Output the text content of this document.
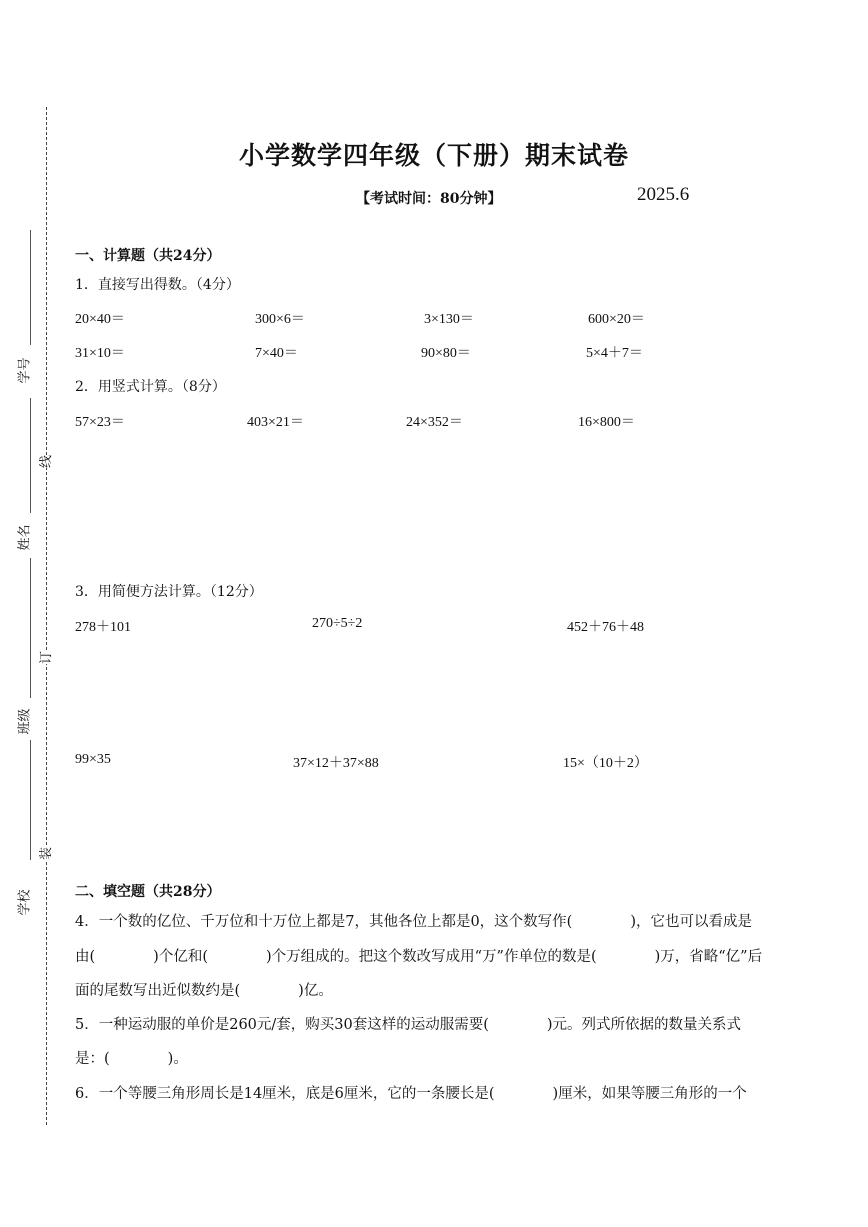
学号
姓名
班级
学校
线
订
装
小学数学四年级（下册）期末试卷
【考试时间：80分钟】	2025.6
一、计算题（共24分）
1．直接写出得数。（4分）
20×40＝	300×6＝	3×130＝	600×20＝
31×10＝	7×40＝	90×80＝	5×4＋7＝
2．用竖式计算。（8分）
57×23＝	403×21＝	24×352＝	16×800＝
3．用简便方法计算。（12分）
278＋101	270÷5÷2	452＋76＋48
99×35	37×12＋37×88	15×（10＋2）
二、填空题（共28分）
4．一个数的亿位、千万位和十万位上都是7，其他各位上都是0，这个数写作(　　　　)，它也可以看成是
由(　　　　)个亿和(　　　　)个万组成的。把这个数改写成用“万”作单位的数是(　　　　)万，省略“亿”后
面的尾数写出近似数约是(　　　　)亿。
5．一种运动服的单价是260元/套，购买30套这样的运动服需要(　　　　)元。列式所依据的数量关系式
是：(　　　　)。
6．一个等腰三角形周长是14厘米，底是6厘米，它的一条腰长是(　　　　)厘米，如果等腰三角形的一个
